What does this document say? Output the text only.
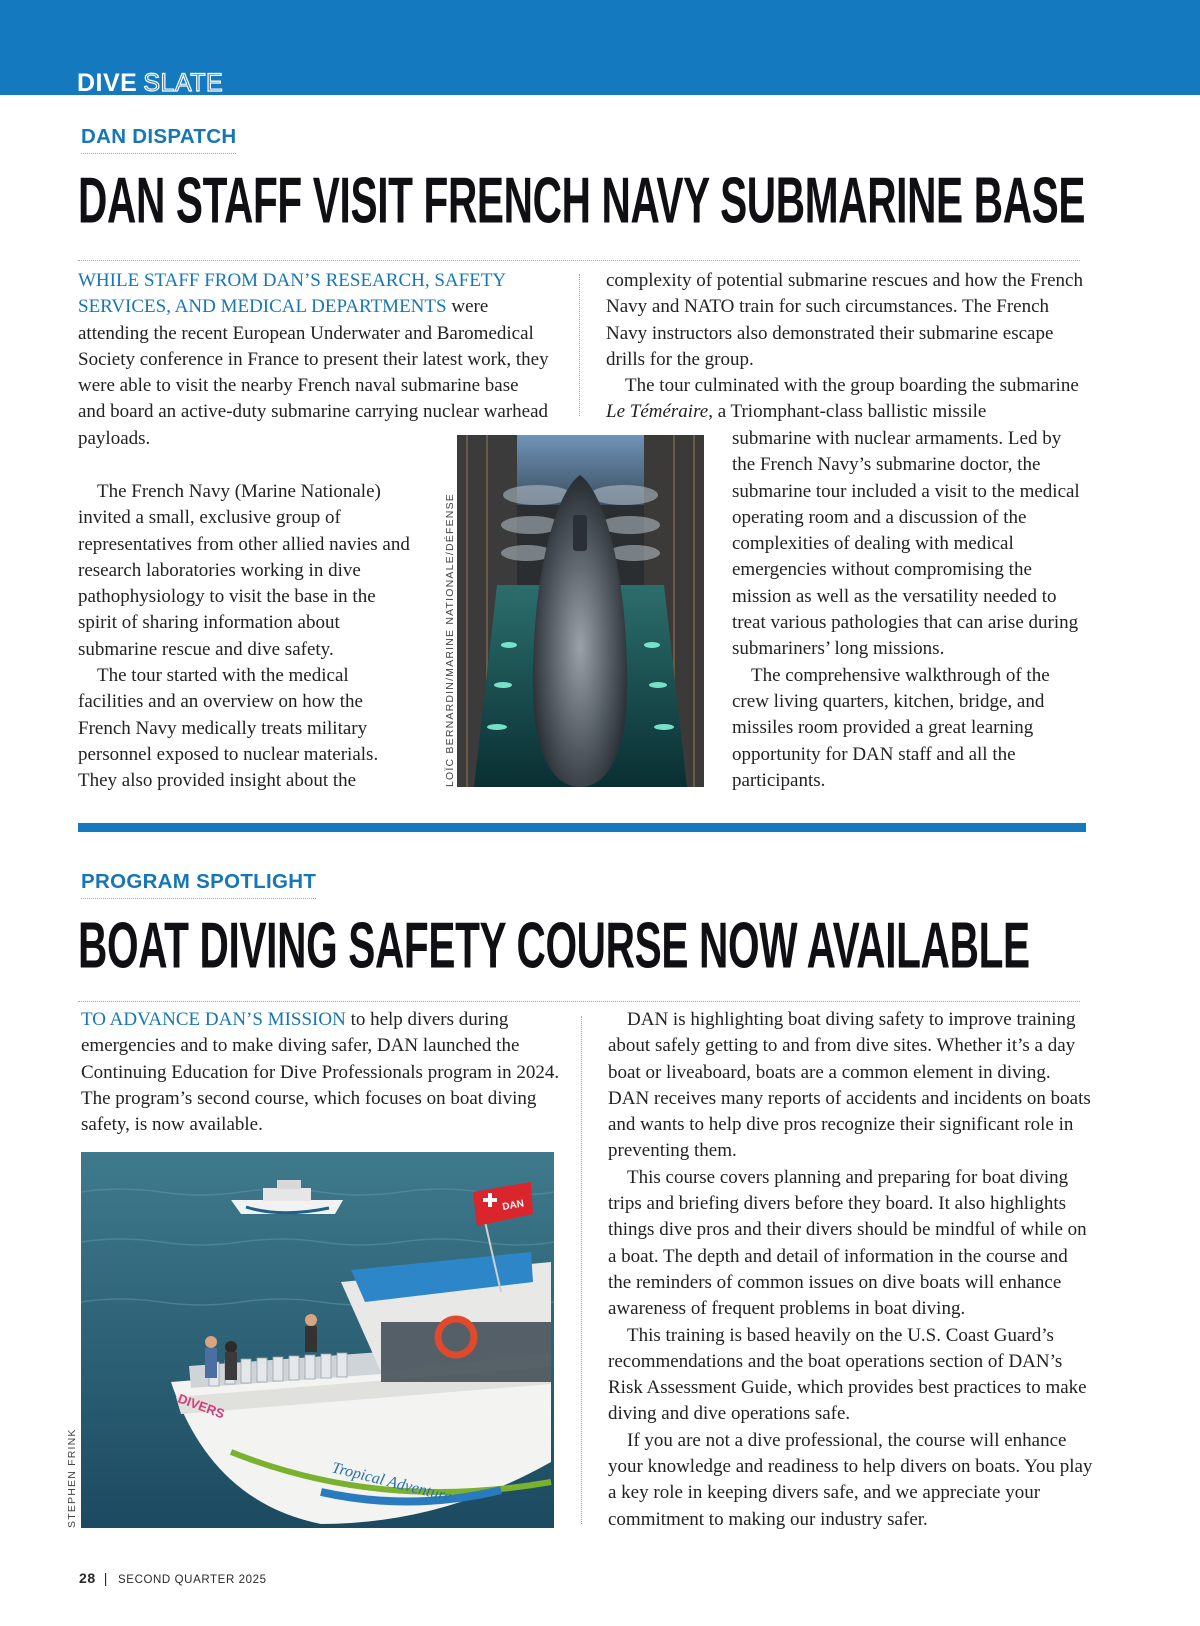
DIVE SLATE
DAN DISPATCH
DAN STAFF VISIT FRENCH NAVY SUBMARINE BASE

WHILE STAFF FROM DAN’S RESEARCH, SAFETY SERVICES, AND MEDICAL DEPARTMENTS were attending the recent European Underwater and Baromedical Society conference in France to present their latest work, they were able to visit the nearby French naval submarine base and board an active-duty submarine carrying nuclear warhead payloads.

The French Navy (Marine Nationale) invited a small, exclusive group of representatives from other allied navies and research laboratories working in dive pathophysiology to visit the base in the spirit of sharing information about submarine rescue and dive safety.

The tour started with the medical facilities and an overview on how the French Navy medically treats military personnel exposed to nuclear materials. They also provided insight about the

complexity of potential submarine rescues and how the French Navy and NATO train for such circumstances. The French Navy instructors also demonstrated their submarine escape drills for the group.

The tour culminated with the group boarding the submarine Le Téméraire, a Triomphant-class ballistic missile

submarine with nuclear armaments. Led by the French Navy’s submarine doctor, the submarine tour included a visit to the medical operating room and a discussion of the complexities of dealing with medical emergencies without compromising the mission as well as the versatility needed to treat various pathologies that can arise during submariners’ long missions.

The comprehensive walkthrough of the crew living quarters, kitchen, bridge, and missiles room provided a great learning opportunity for DAN staff and all the participants.

LOÏC BERNARDIN/MARINE NATIONALE/DÉFENSE
PROGRAM SPOTLIGHT
BOAT DIVING SAFETY COURSE NOW AVAILABLE

TO ADVANCE DAN’S MISSION to help divers during emergencies and to make diving safer, DAN launched the Continuing Education for Dive Professionals program in 2024. The program’s second course, which focuses on boat diving safety, is now available.

DAN is highlighting boat diving safety to improve training about safely getting to and from dive sites. Whether it’s a day boat or liveaboard, boats are a common element in diving. DAN receives many reports of accidents and incidents on boats and wants to help dive pros recognize their significant role in preventing them.

This course covers planning and preparing for boat diving trips and briefing divers before they board. It also highlights things dive pros and their divers should be mindful of while on a boat. The depth and detail of information in the course and the reminders of common issues on dive boats will enhance awareness of frequent problems in boat diving.

This training is based heavily on the U.S. Coast Guard’s recommendations and the boat operations section of DAN’s Risk Assessment Guide, which provides best practices to make diving and dive operations safe.

If you are not a dive professional, the course will enhance your knowledge and readiness to help divers on boats. You play a key role in keeping divers safe, and we appreciate your commitment to making our industry safer.

DAN
DIVERS
Tropical Adventure
STEPHEN FRINK
28 | SECOND QUARTER 2025
